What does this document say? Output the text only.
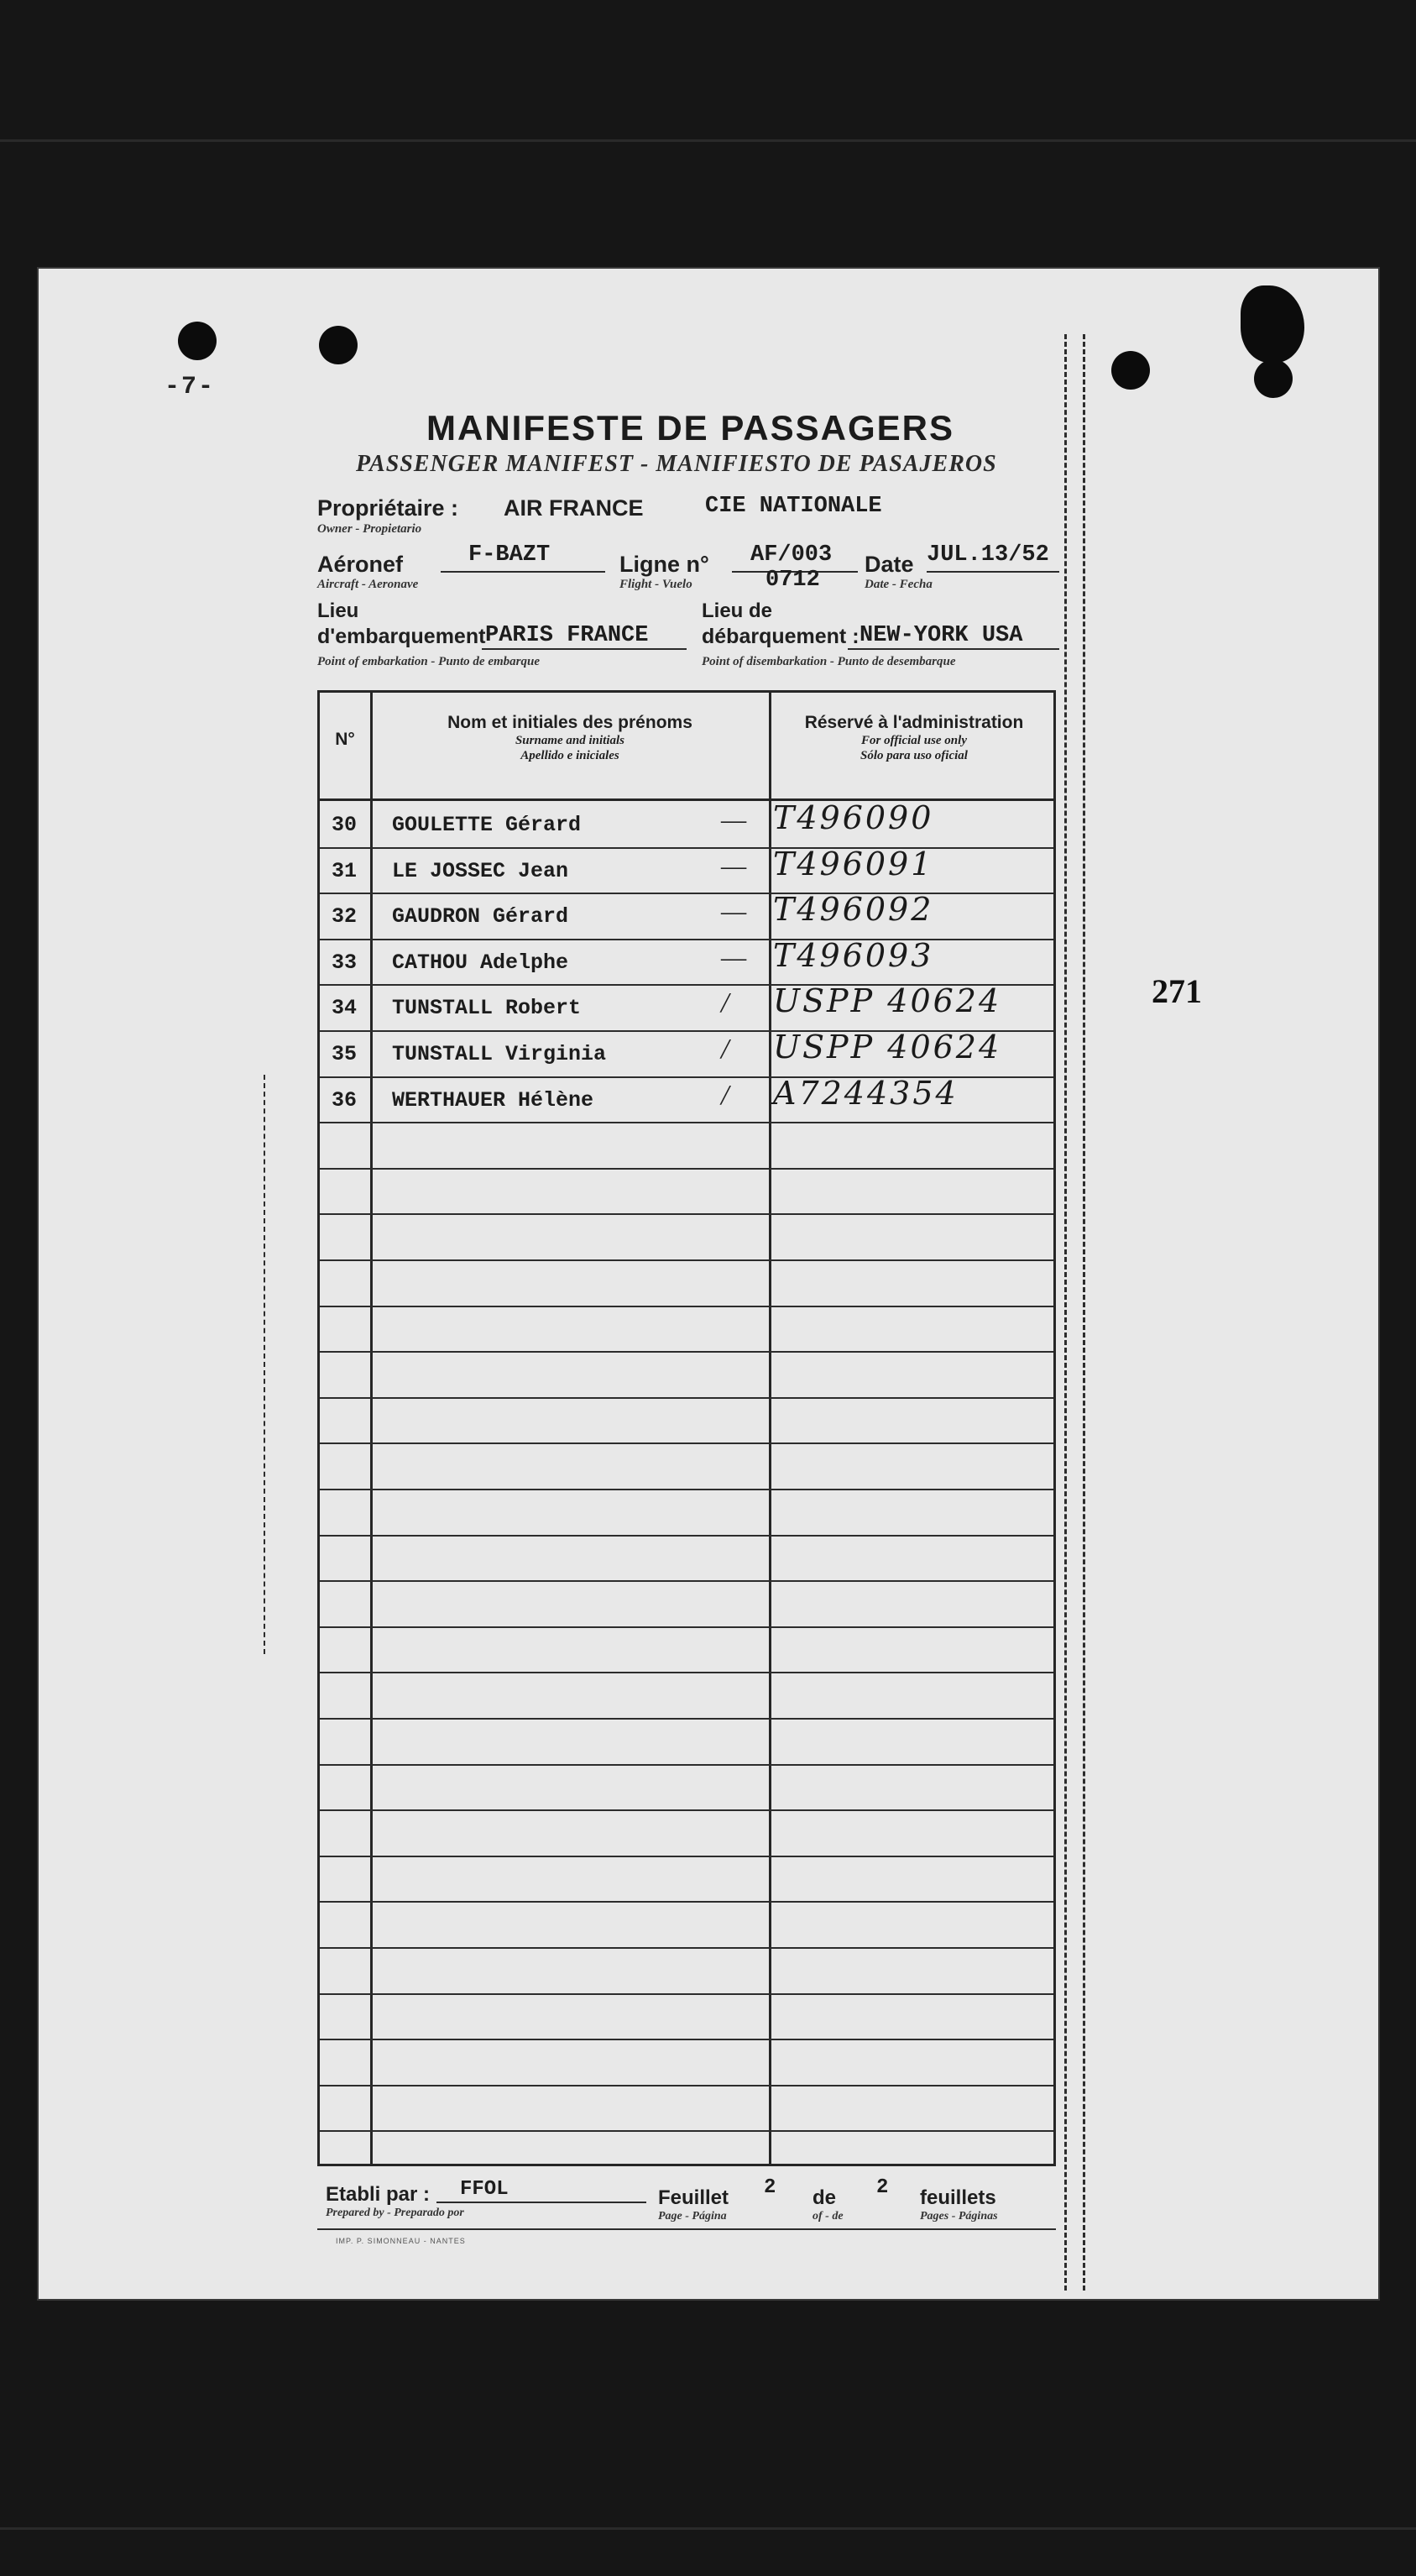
-7-
MANIFESTE DE PASSAGERS
PASSENGER MANIFEST - MANIFIESTO DE PASAJEROS
Propriétaire : AIR FRANCE	CIE NATIONALE
Owner - Propietario
Aéronef	F-BAZT
Aircraft - Aeronave
Ligne n° AF/003
0712
Flight - Vuelo
Date JUL.13/52
Date - Fecha
Lieu
d'embarquement PARIS FRANCE
Point of embarkation - Punto de embarque
Lieu de
débarquement : NEW-YORK USA
Point of disembarkation - Punto de desembarque
N°
Nom et initiales des prénoms
Surname and initials
Apellido e iniciales
Réservé à l'administration
For official use only
Sólo para uso oficial
30 GOULETTE Gérard	— T496090
31 LE JOSSEC Jean	— T496091
32 GAUDRON Gérard	— T496092
33 CATHOU Adelphe	— T496093
34 TUNSTALL Robert	/ USPP 40624
35 TUNSTALL Virginia	/ USPP 40624
36 WERTHAUER Hélène	/ A7244354
271
Etabli par : FFOL
Prepared by - Preparado por
Feuillet 2
Page - Página
de 2
of - de
feuillets
Pages - Páginas
IMP. P. SIMONNEAU - NANTES
